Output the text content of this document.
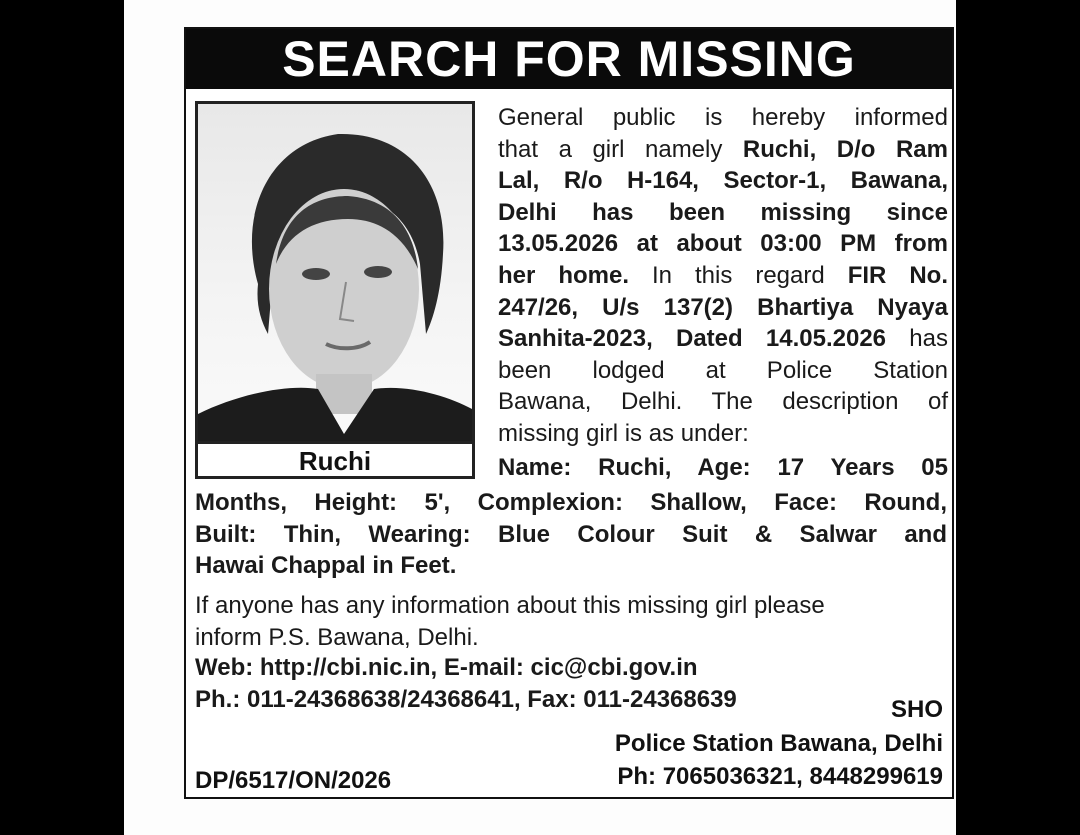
SEARCH FOR MISSING
Ruchi
General public is hereby informed
that a girl namely Ruchi, D/o Ram
Lal, R/o H-164, Sector-1, Bawana,
Delhi has been missing since
13.05.2026 at about 03:00 PM from
her home. In this regard FIR No.
247/26, U/s 137(2) Bhartiya Nyaya
Sanhita-2023, Dated 14.05.2026 has
been lodged at Police Station
Bawana, Delhi. The description of
missing girl is as under:
Name: Ruchi, Age: 17 Years 05
Months, Height: 5', Complexion: Shallow, Face: Round,
Built: Thin, Wearing: Blue Colour Suit & Salwar and
Hawai Chappal in Feet.
If anyone has any information about this missing girl please
inform P.S. Bawana, Delhi.
Web: http://cbi.nic.in, E-mail: cic@cbi.gov.in
Ph.: 011-24368638/24368641, Fax: 011-24368639	SHO
Police Station Bawana, Delhi
Ph: 7065036321, 8448299619
DP/6517/ON/2026
